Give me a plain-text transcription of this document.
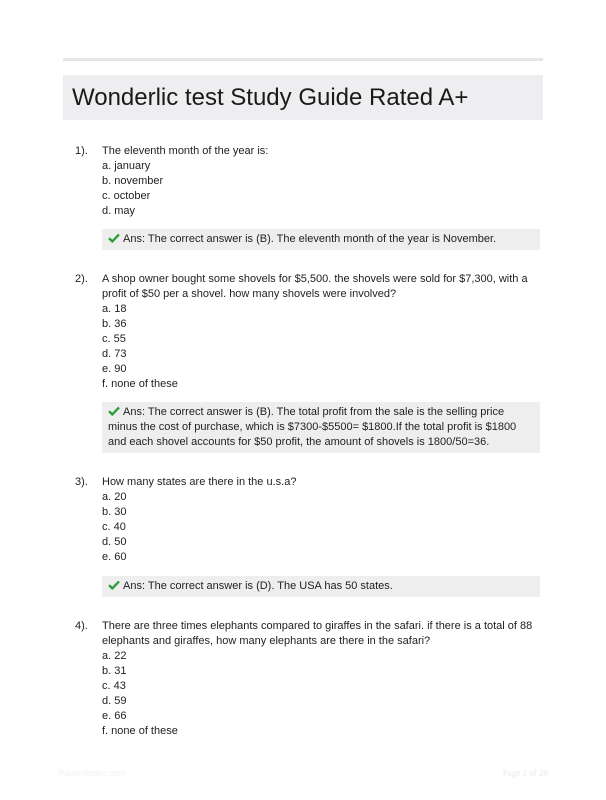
Wonderlic test Study Guide Rated A+
1). The eleventh month of the year is:

a. january

b. november

c. october

d. may

Ans: The correct answer is (B). The eleventh month of the year is November.
2). A shop owner bought some shovels for $5,500. the shovels were sold for $7,300, with a profit of $50 per a shovel. how many shovels were involved?

a. 18

b. 36

c. 55

d. 73

e. 90

f. none of these

Ans: The correct answer is (B). The total profit from the sale is the selling price minus the cost of purchase, which is $7300-$5500= $1800.If the total profit is $1800 and each shovel accounts for $50 profit, the amount of shovels is 1800/50=36.
3). How many states are there in the u.s.a?

a. 20

b. 30

c. 40

d. 50

e. 60

Ans: The correct answer is (D). The USA has 50 states.
4). There are three times elephants compared to giraffes in the safari. if there is a total of 88 elephants and giraffes, how many elephants are there in the safari?

a. 22

b. 31

c. 43

d. 59

e. 66

f. none of these

Paperlibrary.com	Page 1 of 29
